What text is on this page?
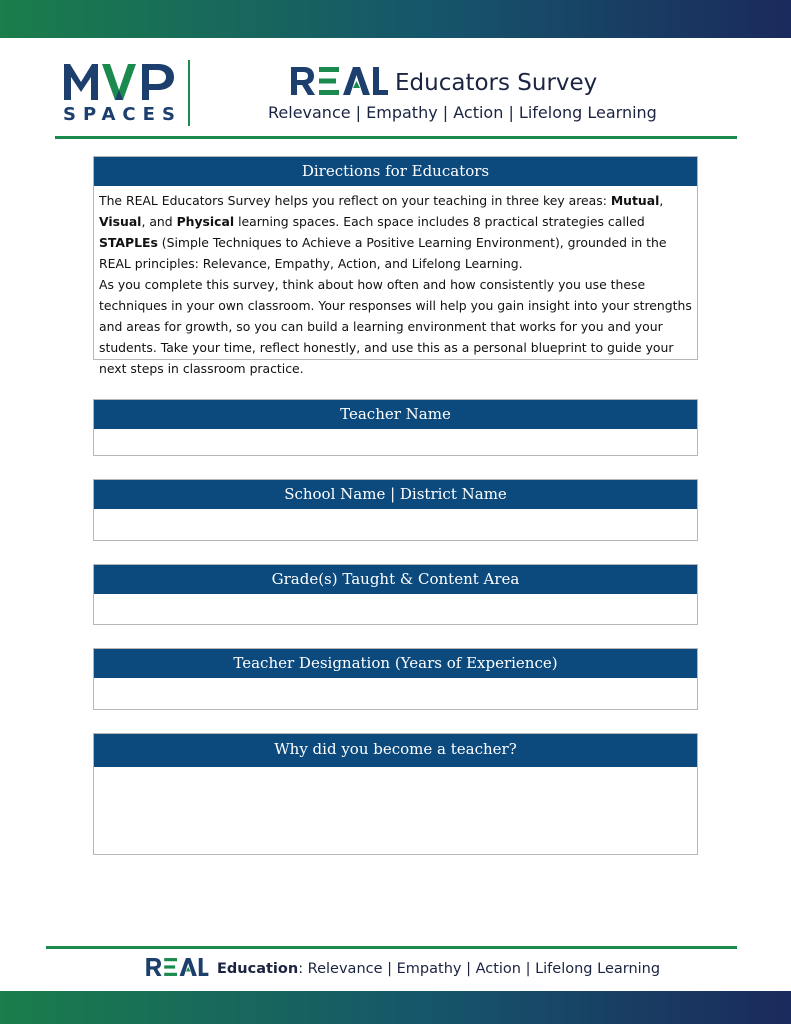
SPACES
Educators Survey
Relevance | Empathy | Action | Lifelong Learning
Directions for Educators

The REAL Educators Survey helps you reflect on your teaching in three key areas: Mutual, Visual, and Physical learning spaces. Each space includes 8 practical strategies called STAPLEs (Simple Techniques to Achieve a Positive Learning Environment), grounded in the REAL principles: Relevance, Empathy, Action, and Lifelong Learning.

As you complete this survey, think about how often and how consistently you use these techniques in your own classroom. Your responses will help you gain insight into your strengths and areas for growth, so you can build a learning environment that works for you and your students. Take your time, reflect honestly, and use this as a personal blueprint to guide your next steps in classroom practice.

Teacher Name
School Name | District Name
Grade(s) Taught & Content Area
Teacher Designation (Years of Experience)
Why did you become a teacher?
Education: Relevance | Empathy | Action | Lifelong Learning
